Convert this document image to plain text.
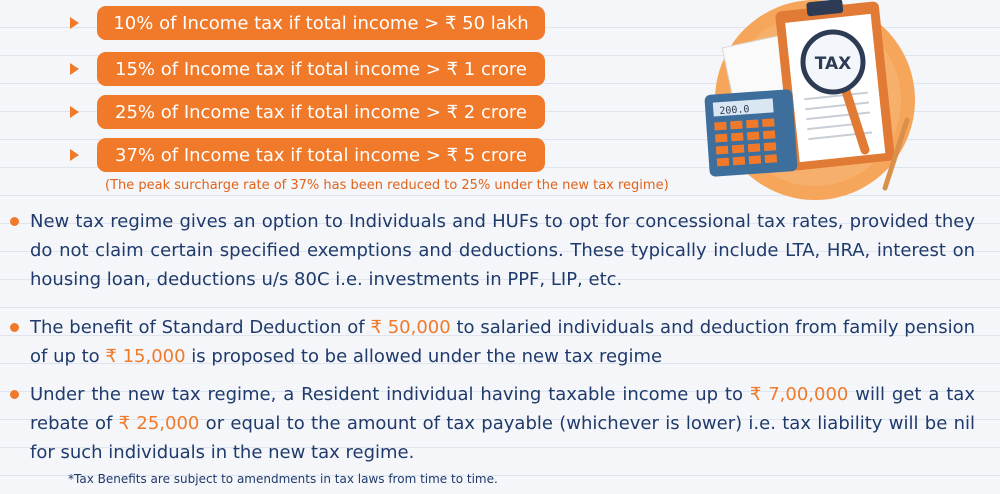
10% of Income tax if total income > ₹ 50 lakh
15% of Income tax if total income > ₹ 1 crore
25% of Income tax if total income > ₹ 2 crore
37% of Income tax if total income > ₹ 5 crore
(The peak surcharge rate of 37% has been reduced to 25% under the new tax regime)
TAX
200.0
New tax regime gives an option to Individuals and HUFs to opt for concessional tax rates, provided they do not claim certain specified exemptions and deductions. These typically include LTA, HRA, interest on housing loan, deductions u/s 80C i.e. investments in PPF, LIP, etc.
The benefit of Standard Deduction of ₹ 50,000 to salaried individuals and deduction from family pension of up to ₹ 15,000 is proposed to be allowed under the new tax regime
Under the new tax regime, a Resident individual having taxable income up to ₹ 7,00,000 will get a tax rebate of ₹ 25,000 or equal to the amount of tax payable (whichever is lower) i.e. tax liability will be nil for such individuals in the new tax regime.
*Tax Benefits are subject to amendments in tax laws from time to time.
